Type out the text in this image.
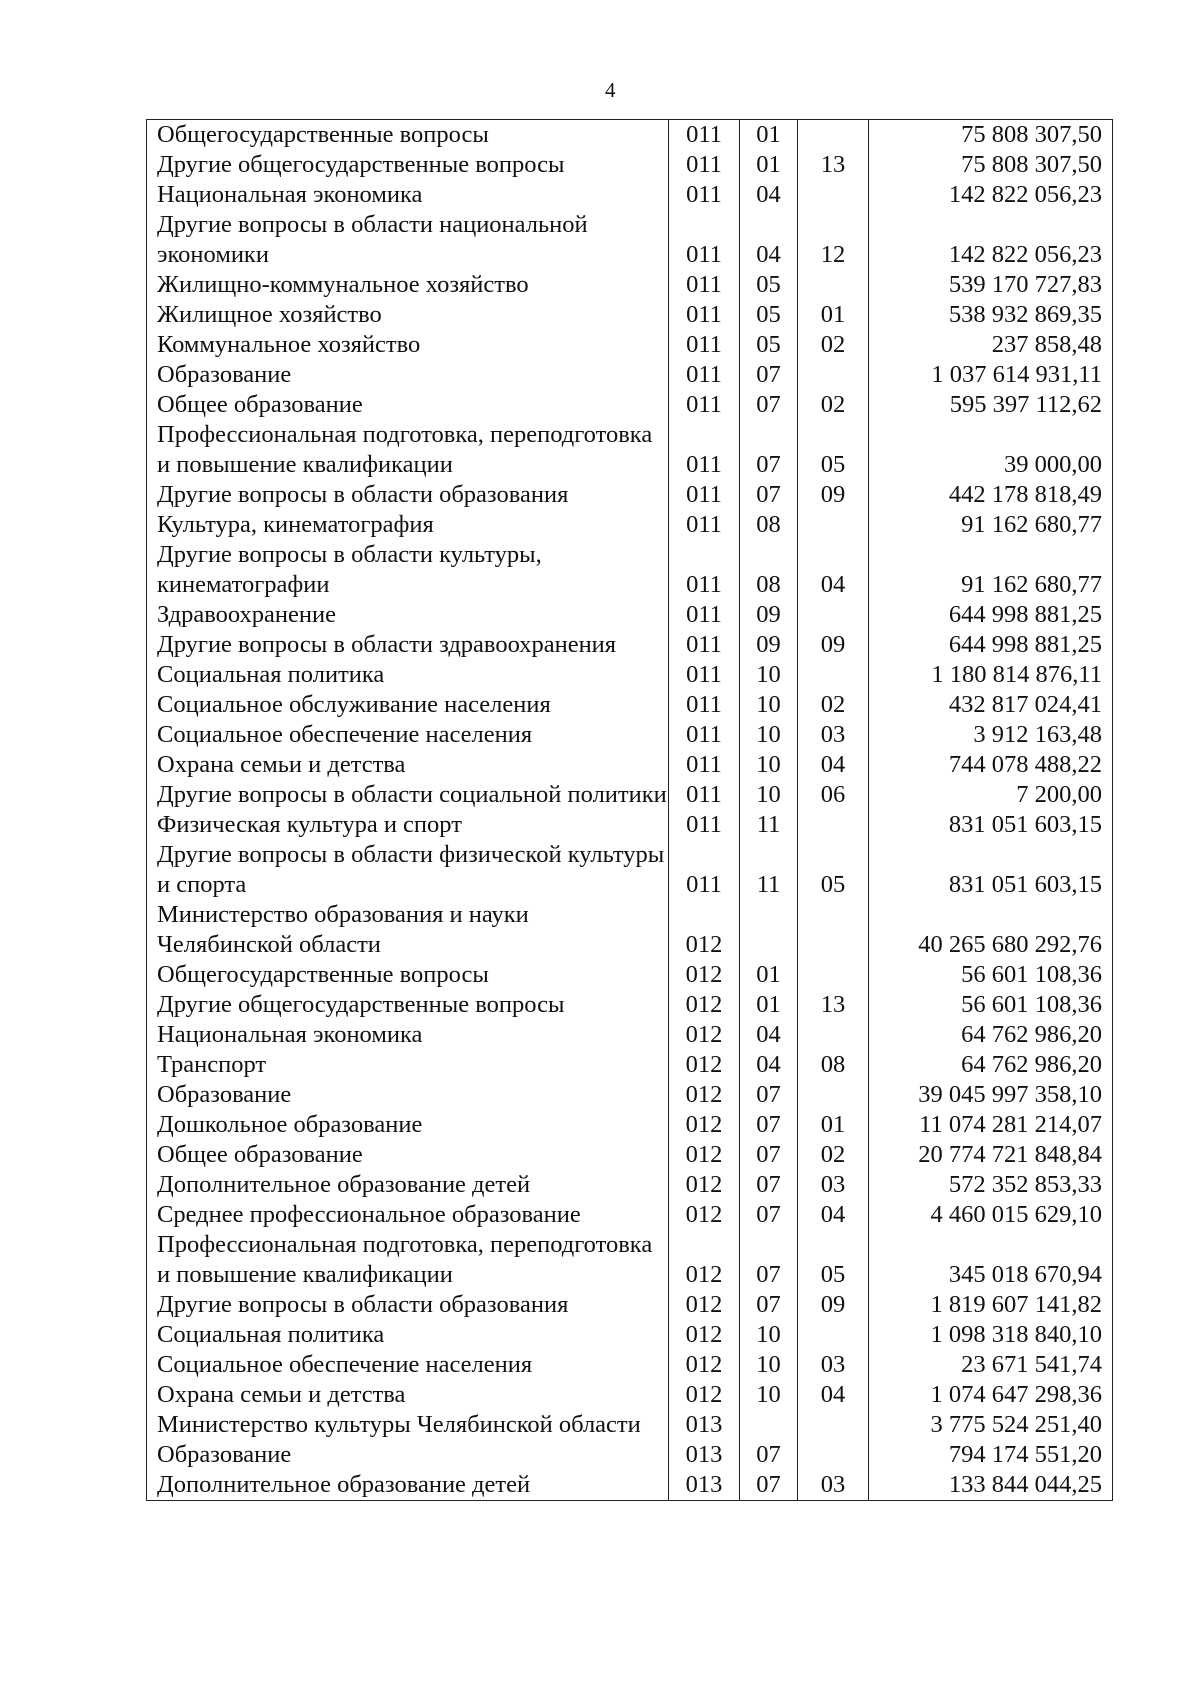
4
Общегосударственные вопросы	011	01		75 808 307,50
Другие общегосударственные вопросы	011	01	13	75 808 307,50
Национальная экономика	011	04		142 822 056,23
Другие вопросы в области национальной экономики	011	04	12	142 822 056,23
Жилищно-коммунальное хозяйство	011	05		539 170 727,83
Жилищное хозяйство	011	05	01	538 932 869,35
Коммунальное хозяйство	011	05	02	237 858,48
Образование	011	07		1 037 614 931,11
Общее образование	011	07	02	595 397 112,62
Профессиональная подготовка, переподготовка и повышение квалификации	011	07	05	39 000,00
Другие вопросы в области образования	011	07	09	442 178 818,49
Культура, кинематография	011	08		91 162 680,77
Другие вопросы в области культуры, кинематографии	011	08	04	91 162 680,77
Здравоохранение	011	09		644 998 881,25
Другие вопросы в области здравоохранения	011	09	09	644 998 881,25
Социальная политика	011	10		1 180 814 876,11
Социальное обслуживание населения	011	10	02	432 817 024,41
Социальное обеспечение населения	011	10	03	3 912 163,48
Охрана семьи и детства	011	10	04	744 078 488,22
Другие вопросы в области социальной политики	011	10	06	7 200,00
Физическая культура и спорт	011	11		831 051 603,15
Другие вопросы в области физической культуры и спорта	011	11	05	831 051 603,15
Министерство образования и науки Челябинской области	012			40 265 680 292,76
Общегосударственные вопросы	012	01		56 601 108,36
Другие общегосударственные вопросы	012	01	13	56 601 108,36
Национальная экономика	012	04		64 762 986,20
Транспорт	012	04	08	64 762 986,20
Образование	012	07		39 045 997 358,10
Дошкольное образование	012	07	01	11 074 281 214,07
Общее образование	012	07	02	20 774 721 848,84
Дополнительное образование детей	012	07	03	572 352 853,33
Среднее профессиональное образование	012	07	04	4 460 015 629,10
Профессиональная подготовка, переподготовка и повышение квалификации	012	07	05	345 018 670,94
Другие вопросы в области образования	012	07	09	1 819 607 141,82
Социальная политика	012	10		1 098 318 840,10
Социальное обеспечение населения	012	10	03	23 671 541,74
Охрана семьи и детства	012	10	04	1 074 647 298,36
Министерство культуры Челябинской области	013			3 775 524 251,40
Образование	013	07		794 174 551,20
Дополнительное образование детей	013	07	03	133 844 044,25
